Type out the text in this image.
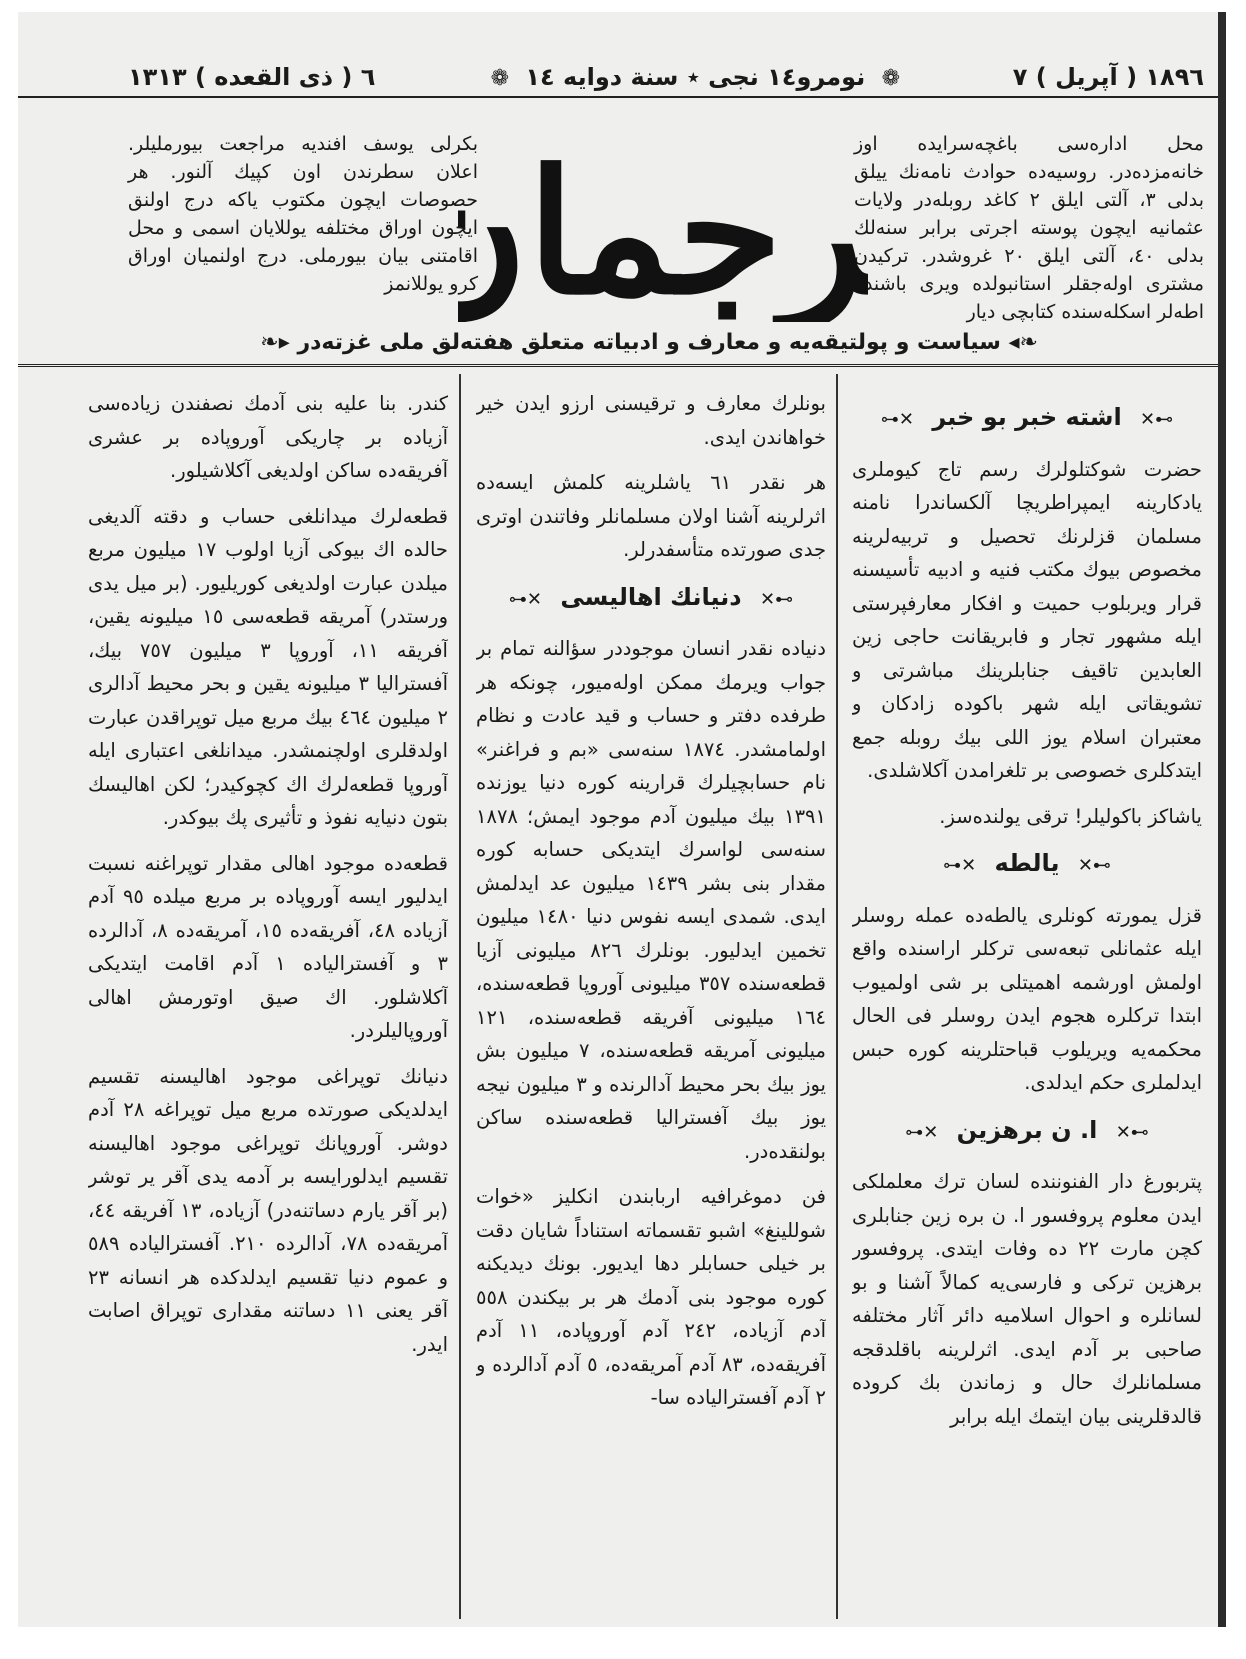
١٨٩٦ ( آپريل ) ٧
❁ نومرو١٤ نجى ٭ سنة دوايه ١٤ ❁
٦ ( ذى القعده ) ١٣١٣
محل اداره‌سى باغچه‌سرايده اوز خانه‌مزده‌در. روسيه‌ده حوادث نامه‌نك ييلق بدلى ٣، آلتى ايلق ٢ كاغد روبله‌در ولايات عثمانيه ايچون پوسته اجرتى برابر سنه‌لك بدلى ٤٠، آلتى ايلق ٢٠ غروشدر. تركيدن مشترى اوله‌جقلر استانبولده ويرى باشنده اطه‌لر اسكله‌سنده كتابچى ديار
رجما
بكرلى يوسف افنديه مراجعت بيورمليلر. اعلان سطرندن اون كپيك آلنور. هر حصوصات ايچون مكتوب ياكه درج اولنق ايچون اوراق مختلفه يوللايان اسمى و محل اقامتنى بيان بيورملى. درج اولنميان اوراق كرو يوللانمز
❧◂ سياست و پولتيقه‌يه و معارف و ادبياته متعلق هفته‌لق ملى غزته‌در ▸❧
⊶✕ اشته خبر بو خبر ✕⊷

حضرت شوكتلولرك رسم تاج كيوملرى يادكارينه ايمپراطريچا آلكساندرا نامنه مسلمان قزلرنك تحصيل و تربيه‌لرينه مخصوص بيوك مكتب فنيه و ادبيه تأسيسنه قرار ويربلوب حميت و افكار معارفپرستى ايله مشهور تجار و فابريقانت حاجى زين العابدين تاقيف جنابلرينك مباشرتى و تشويقاتى ايله شهر باكوده زادكان و معتبران اسلام يوز اللى بيك روبله جمع ايتدكلرى خصوصى بر تلغرامدن آكلاشلدى.

ياشاكز باكوليلر! ترقى يولنده‌سز.

⊶✕ يالطه ✕⊷

قزل يمورته كونلرى يالطه‌ده عمله روسلر ايله عثمانلى تبعه‌سى تركلر اراسنده واقع اولمش اورشمه اهميتلى بر شى اولميوب ابتدا تركلره هجوم ايدن روسلر فى الحال محكمه‌يه ويريلوب قباحتلرينه كوره حبس ايدلملرى حكم ايدلدى.

⊶✕ ا. ن برهزين ✕⊷

پتربورغ دار الفنوننده لسان ترك معلملكى ايدن معلوم پروفسور ا. ن بره زين جنابلرى كچن مارت ٢٢ ده وفات ايتدى. پروفسور برهزين تركى و فارسى‌يه كمالاً آشنا و بو لسانلره و احوال اسلاميه دائر آثار مختلفه صاحبى بر آدم ايدى. اثرلرينه باقلدقجه مسلمانلرك حال و زماندن بك كروده قالدقلرينى بيان ايتمك ايله برابر

بونلرك معارف و ترقيسنى ارزو ايدن خير خواهاندن ايدى.

هر نقدر ٦١ ياشلرينه كلمش ايسه‌ده اثرلرينه آشنا اولان مسلمانلر وفاتندن اوترى جدى صورتده متأسفدرلر.

⊶✕ دنيانك اهاليسى ✕⊷

دنياده نقدر انسان موجوددر سؤالنه تمام بر جواب ويرمك ممكن اوله‌ميور، چونكه هر طرفده دفتر و حساب و قيد عادت و نظام اولمامشدر. ١٨٧٤ سنه‌سى «بم و فراغنر» نام حسابچيلرك قرارينه كوره دنيا يوزنده ١٣٩١ بيك ميليون آدم موجود ايمش؛ ١٨٧٨ سنه‌سى لواسرك ايتديكى حسابه كوره مقدار بنى بشر ١٤٣٩ ميليون عد ايدلمش ايدى. شمدى ايسه نفوس دنيا ١٤٨٠ ميليون تخمين ايدليور. بونلرك ٨٢٦ ميليونى آزيا قطعه‌سنده ٣٥٧ ميليونى آوروپا قطعه‌سنده، ١٦٤ ميليونى آفريقه قطعه‌سنده، ١٢١ ميليونى آمريقه قطعه‌سنده، ٧ ميليون بش يوز بيك بحر محيط آدالرنده و ٣ ميليون نيجه يوز بيك آفستراليا قطعه‌سنده ساكن بولنقده‌در.

فن دموغرافيه اربابندن انكليز «خوات شوللينغ» اشبو تقسماته استناداً شايان دقت بر خيلى حسابلر دها ايديور. بونك ديديكنه كوره موجود بنى آدمك هر بر بيكندن ٥٥٨ آدم آزياده، ٢٤٢ آدم آوروپاده، ١١ آدم آفريقه‌ده، ٨٣ آدم آمريقه‌ده، ٥ آدم آدالرده و ٢ آدم آفستراليا‌ده سا-

كندر. بنا عليه بنى آدمك نصفندن زياده‌سى آزياده بر چاريكى آوروپاده بر عشرى آفريقه‌ده ساكن اولديغى آكلاشيلور.

قطعه‌لرك ميدانلغى حساب و دقته آلديغى حالده اك بيوكى آزيا اولوب ١٧ ميليون مربع ميلدن عبارت اولديغى كوريليور. (بر ميل يدى ورستدر) آمريقه قطعه‌سى ١٥ ميليونه يقين، آفريقه ١١، آوروپا ٣ ميليون ٧٥٧ بيك، آفستراليا ٣ ميليونه يقين و بحر محيط آدالرى ٢ ميليون ٤٦٤ بيك مربع ميل توپراقدن عبارت اولدقلرى اولچنمشدر. ميدانلغى اعتبارى ايله آوروپا قطعه‌لرك اك كچوكيدر؛ لكن اهاليسك بتون دنيايه نفوذ و تأثيرى پك بيوكدر.

قطعه‌ده موجود اهالى مقدار توپراغنه نسبت ايدليور ايسه آوروپاده بر مربع ميلده ٩٥ آدم آزياده ٤٨، آفريقه‌ده ١٥، آمريقه‌ده ٨، آدالرده ٣ و آفستراليا‌ده ١ آدم اقامت ايتديكى آكلاشلور. اك صيق اوتورمش اهالى آوروپاليلردر.

دنيانك توپراغى موجود اهاليسنه تقسيم ايدلديكى صورتده مربع ميل توپراغه ٢٨ آدم دوشر. آوروپانك توپراغى موجود اهاليسنه تقسيم ايدلورايسه بر آدمه يدى آقر ير توشر (بر آقر يارم دساتنه‌در) آزياده، ١٣ آفريقه ٤٤، آمريقه‌ده ٧٨، آدالرده ٢١٠. آفستراليا‌ده ٥٨٩ و عموم دنيا تقسيم ايدلدكده هر انسانه ٢٣ آقر يعنى ١١ دساتنه مقدارى توپراق اصابت ايدر.
